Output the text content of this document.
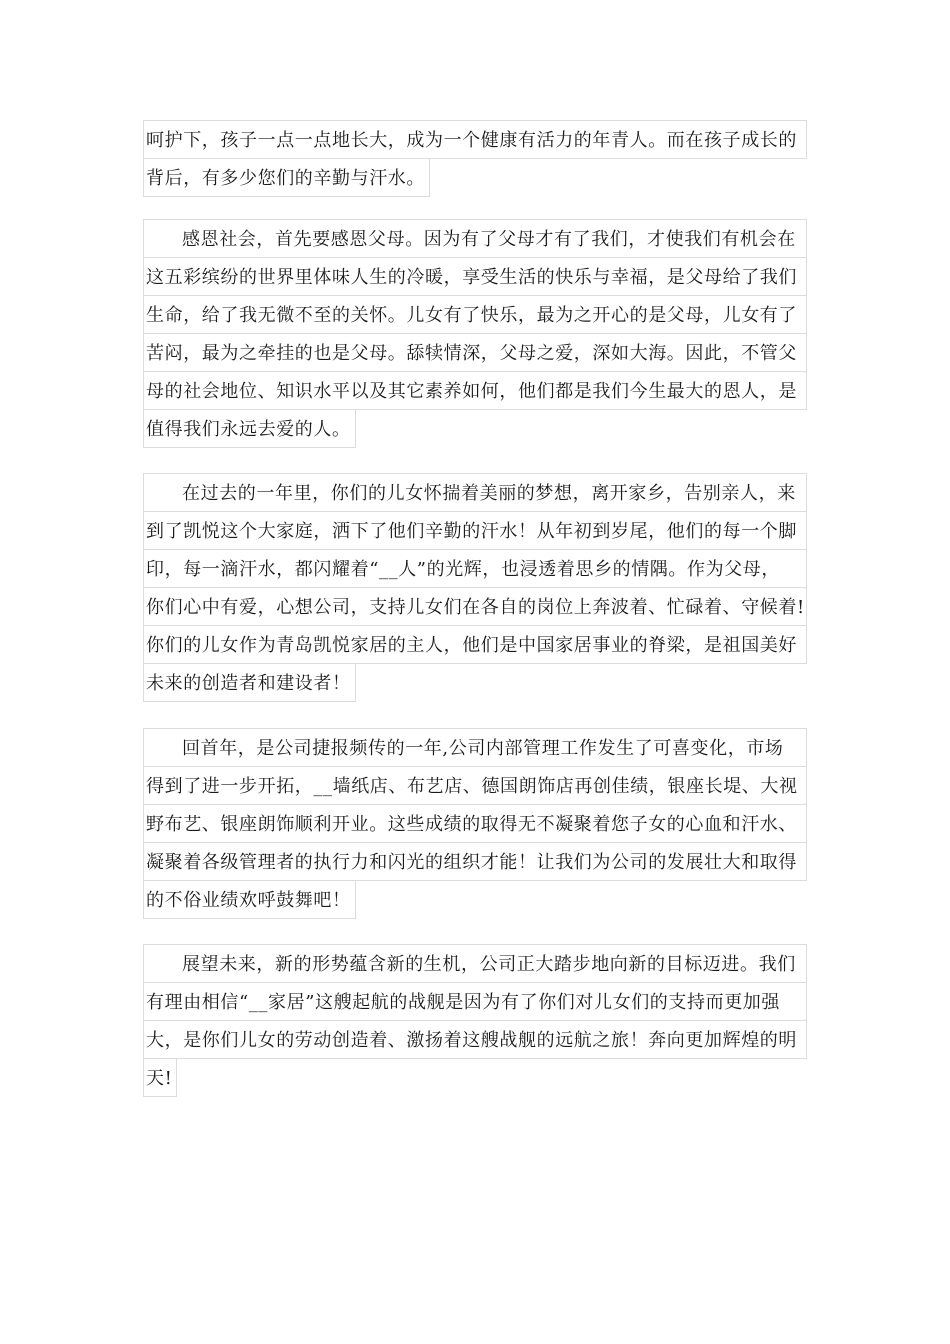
呵护下，孩子一点一点地长大，成为一个健康有活力的年青人。而在孩子成长的
背后，有多少您们的辛勤与汗水。
感恩社会，首先要感恩父母。因为有了父母才有了我们，才使我们有机会在
这五彩缤纷的世界里体味人生的冷暖，享受生活的快乐与幸福，是父母给了我们
生命，给了我无微不至的关怀。儿女有了快乐，最为之开心的是父母，儿女有了
苦闷，最为之牵挂的也是父母。舔犊情深，父母之爱，深如大海。因此，不管父
母的社会地位、知识水平以及其它素养如何，他们都是我们今生最大的恩人，是
值得我们永远去爱的人。
在过去的一年里，你们的儿女怀揣着美丽的梦想，离开家乡，告别亲人，来
到了凯悦这个大家庭，洒下了他们辛勤的汗水！从年初到岁尾，他们的每一个脚
印，每一滴汗水，都闪耀着“__人”的光辉，也浸透着思乡的情隅。作为父母，
你们心中有爱，心想公司，支持儿女们在各自的岗位上奔波着、忙碌着、守候着!
你们的儿女作为青岛凯悦家居的主人，他们是中国家居事业的脊梁，是祖国美好
未来的创造者和建设者！
回首年，是公司捷报频传的一年,公司内部管理工作发生了可喜变化，市场
得到了进一步开拓，__墙纸店、布艺店、德国朗饰店再创佳绩，银座长堤、大视
野布艺、银座朗饰顺利开业。这些成绩的取得无不凝聚着您子女的心血和汗水、
凝聚着各级管理者的执行力和闪光的组织才能！让我们为公司的发展壮大和取得
的不俗业绩欢呼鼓舞吧！
展望未来，新的形势蕴含新的生机，公司正大踏步地向新的目标迈进。我们
有理由相信“__家居”这艘起航的战舰是因为有了你们对儿女们的支持而更加强
大，是你们儿女的劳动创造着、激扬着这艘战舰的远航之旅！奔向更加辉煌的明
天!
